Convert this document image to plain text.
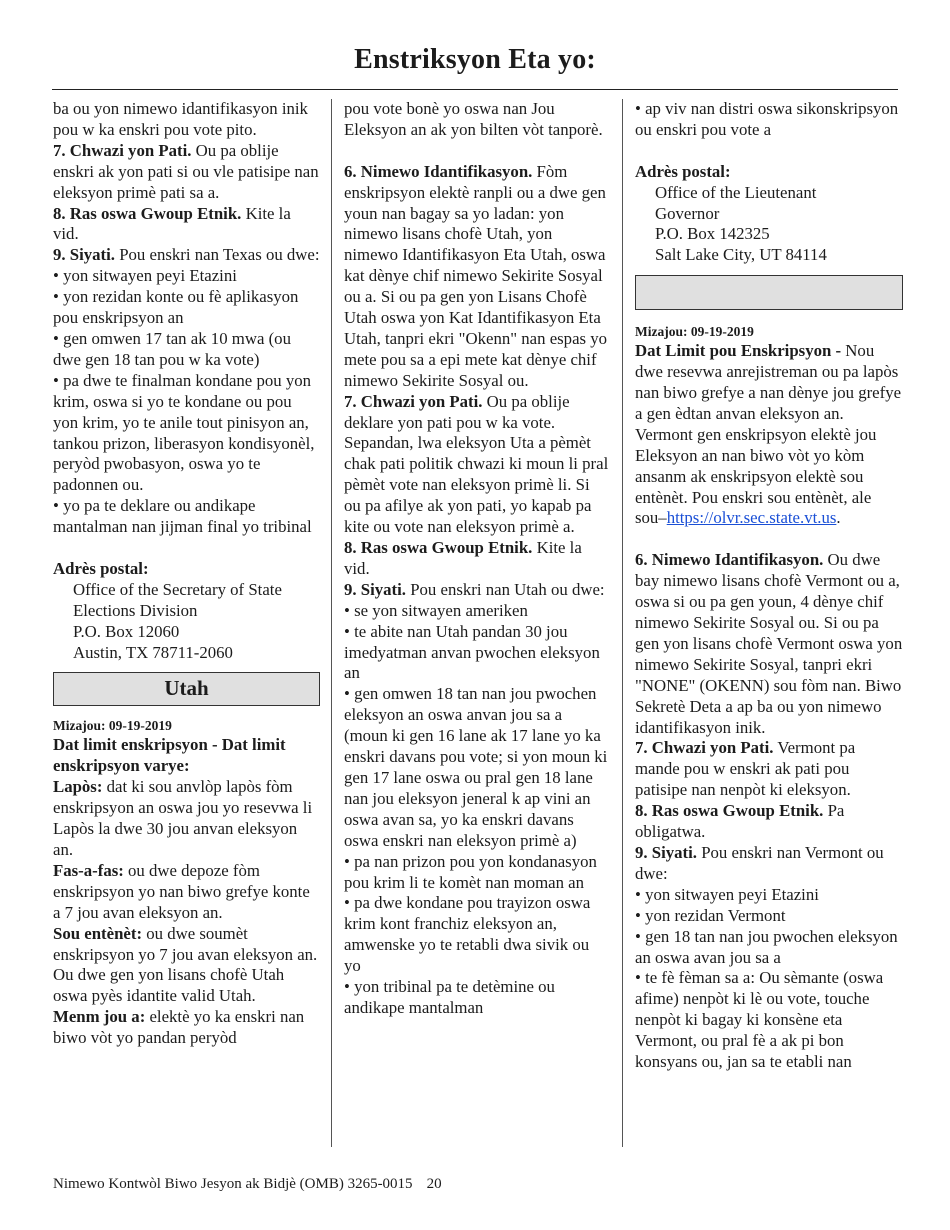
Enstriksyon Eta yo:

ba ou yon nimewo idantifikasyon inik pou w ka enskri pou vote pito.

7. Chwazi yon Pati. Ou pa oblije enskri ak yon pati si ou vle patisipe nan eleksyon primè pati sa a.

8. Ras oswa Gwoup Etnik. Kite la vid.

9. Siyati. Pou enskri nan Texas ou dwe:

• yon sitwayen peyi Etazini

• yon rezidan konte ou fè aplikasyon pou enskripsyon an

• gen omwen 17 tan ak 10 mwa (ou dwe gen 18 tan pou w ka vote)

• pa dwe te finalman kondane pou yon krim, oswa si yo te kondane ou pou yon krim, yo te anile tout pinisyon an, tankou prizon, liberasyon kondisyonèl, peryòd pwobasyon, oswa yo te padonnen ou.

• yo pa te deklare ou andikape mantalman nan jijman final yo tribinal

Adrès postal:

Office of the Secretary of State

Elections Division

P.O. Box 12060

Austin, TX 78711-2060

Utah

Mizajou: 09-19-2019

Dat limit enskripsyon - Dat limit enskripsyon varye:

Lapòs: dat ki sou anvlòp lapòs fòm enskripsyon an oswa jou yo resevwa li Lapòs la dwe 30 jou anvan eleksyon an.

Fas-a-fas: ou dwe depoze fòm enskripsyon yo nan biwo grefye konte a 7 jou avan eleksyon an.

Sou entènèt: ou dwe soumèt enskripsyon yo 7 jou avan eleksyon an. Ou dwe gen yon lisans chofè Utah oswa pyès idantite valid Utah.

Menm jou a: elektè yo ka enskri nan biwo vòt yo pandan peryòd

pou vote bonè yo oswa nan Jou Eleksyon an ak yon bilten vòt tanporè.

6. Nimewo Idantifikasyon. Fòm enskripsyon elektè ranpli ou a dwe gen youn nan bagay sa yo ladan: yon nimewo lisans chofè Utah, yon nimewo Idantifikasyon Eta Utah, oswa kat dènye chif nimewo Sekirite Sosyal ou a. Si ou pa gen yon Lisans Chofè Utah oswa yon Kat Idantifikasyon Eta Utah, tanpri ekri "Okenn" nan espas yo mete pou sa a epi mete kat dènye chif nimewo Sekirite Sosyal ou.

7. Chwazi yon Pati. Ou pa oblije deklare yon pati pou w ka vote. Sepandan, lwa eleksyon Uta a pèmèt chak pati politik chwazi ki moun li pral pèmèt vote nan eleksyon primè li. Si ou pa afilye ak yon pati, yo kapab pa kite ou vote nan eleksyon primè a.

8. Ras oswa Gwoup Etnik. Kite la vid.

9. Siyati. Pou enskri nan Utah ou dwe:

• se yon sitwayen ameriken

• te abite nan Utah pandan 30 jou imedyatman anvan pwochen eleksyon an

• gen omwen 18 tan nan jou pwochen eleksyon an oswa anvan jou sa a (moun ki gen 16 lane ak 17 lane yo ka enskri davans pou vote; si yon moun ki gen 17 lane oswa ou pral gen 18 lane nan jou eleksyon jeneral k ap vini an oswa avan sa, yo ka enskri davans oswa enskri nan eleksyon primè a)

• pa nan prizon pou yon kondanasyon pou krim li te komèt nan moman an

• pa dwe kondane pou trayizon oswa krim kont franchiz eleksyon an, amwenske yo te retabli dwa sivik ou yo

• yon tribinal pa te detèmine ou andikape mantalman

• ap viv nan distri oswa sikonskripsyon ou enskri pou vote a

Adrès postal:

Office of the Lieutenant

Governor

P.O. Box 142325

Salt Lake City, UT 84114

Mizajou: 09-19-2019

Dat Limit pou Enskripsyon - Nou dwe resevwa anrejistreman ou pa lapòs nan biwo grefye a nan dènye jou grefye a gen èdtan anvan eleksyon an. Vermont gen enskripsyon elektè jou Eleksyon an nan biwo vòt yo kòm ansanm ak enskripsyon elektè sou entènèt. Pou enskri sou entènèt, ale sou–https://olvr.sec.state.vt.us.

6. Nimewo Idantifikasyon. Ou dwe bay nimewo lisans chofè Vermont ou a, oswa si ou pa gen youn, 4 dènye chif nimewo Sekirite Sosyal ou. Si ou pa gen yon lisans chofè Vermont oswa yon nimewo Sekirite Sosyal, tanpri ekri "NONE" (OKENN) sou fòm nan. Biwo Sekretè Deta a ap ba ou yon nimewo idantifikasyon inik.

7. Chwazi yon Pati. Vermont pa mande pou w enskri ak pati pou patisipe nan nenpòt ki eleksyon.

8. Ras oswa Gwoup Etnik. Pa obligatwa.

9. Siyati. Pou enskri nan Vermont ou dwe:

• yon sitwayen peyi Etazini

• yon rezidan Vermont

• gen 18 tan nan jou pwochen eleksyon an oswa avan jou sa a

• te fè fèman sa a: Ou sèmante (oswa afime) nenpòt ki lè ou vote, touche nenpòt ki bagay ki konsène eta Vermont, ou pral fè a ak pi bon konsyans ou, jan sa te etabli nan

Nimewo Kontwòl Biwo Jesyon ak Bidjè (OMB) 3265-0015 20
